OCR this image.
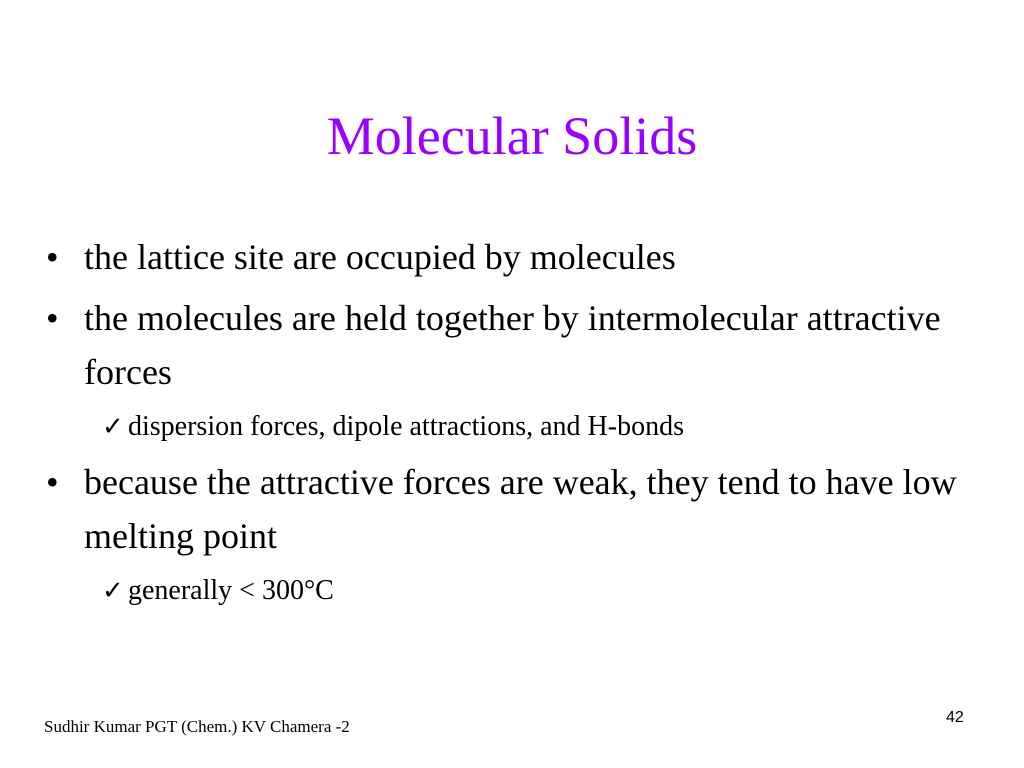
Molecular Solids
• the lattice site are occupied by molecules
• the molecules are held together by intermolecular attractive forces
✓ dispersion forces, dipole attractions, and H-bonds
• because the attractive forces are weak, they tend to have low melting point
✓ generally < 300°C
Sudhir Kumar PGT (Chem.) KV Chamera -2	42
